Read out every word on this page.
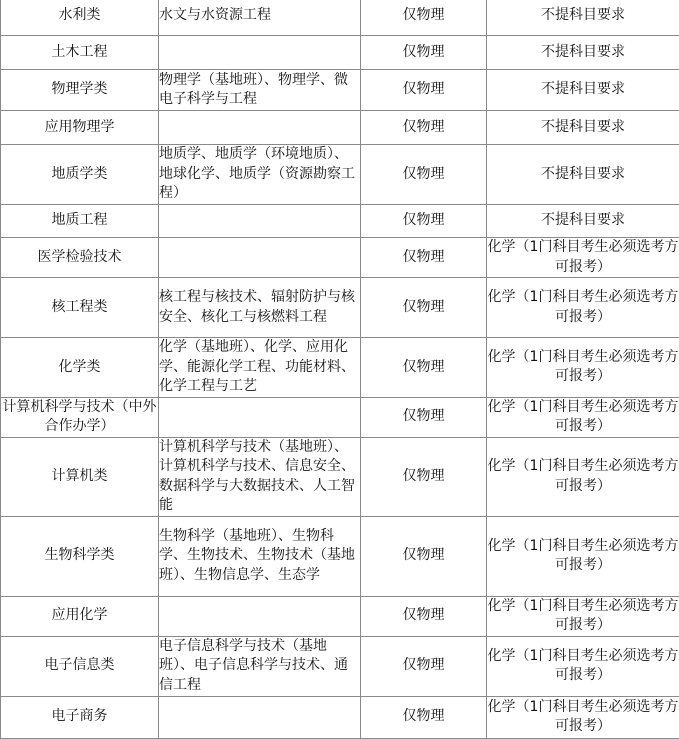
水利类	水文与水资源工程	仅物理	不提科目要求
土木工程		仅物理	不提科目要求
物理学类	物理学（基地班）、物理学、微电子科学与工程	仅物理	不提科目要求
应用物理学		仅物理	不提科目要求
地质学类	地质学、地质学（环境地质）、地球化学、地质学（资源勘察工程）	仅物理	不提科目要求
地质工程		仅物理	不提科目要求
医学检验技术		仅物理	化学（1门科目考生必须选考方可报考）
核工程类	核工程与核技术、辐射防护与核安全、核化工与核燃料工程	仅物理	化学（1门科目考生必须选考方可报考）
化学类	化学（基地班）、化学、应用化学、能源化学工程、功能材料、化学工程与工艺	仅物理	化学（1门科目考生必须选考方可报考）
计算机科学与技术（中外合作办学）		仅物理	化学（1门科目考生必须选考方可报考）
计算机类	计算机科学与技术（基地班）、计算机科学与技术、信息安全、数据科学与大数据技术、人工智能	仅物理	化学（1门科目考生必须选考方可报考）
生物科学类	生物科学（基地班）、生物科学、生物技术、生物技术（基地班）、生物信息学、生态学	仅物理	化学（1门科目考生必须选考方可报考）
应用化学		仅物理	化学（1门科目考生必须选考方可报考）
电子信息类	电子信息科学与技术（基地班）、电子信息科学与技术、通信工程	仅物理	化学（1门科目考生必须选考方可报考）
电子商务		仅物理	化学（1门科目考生必须选考方可报考）
